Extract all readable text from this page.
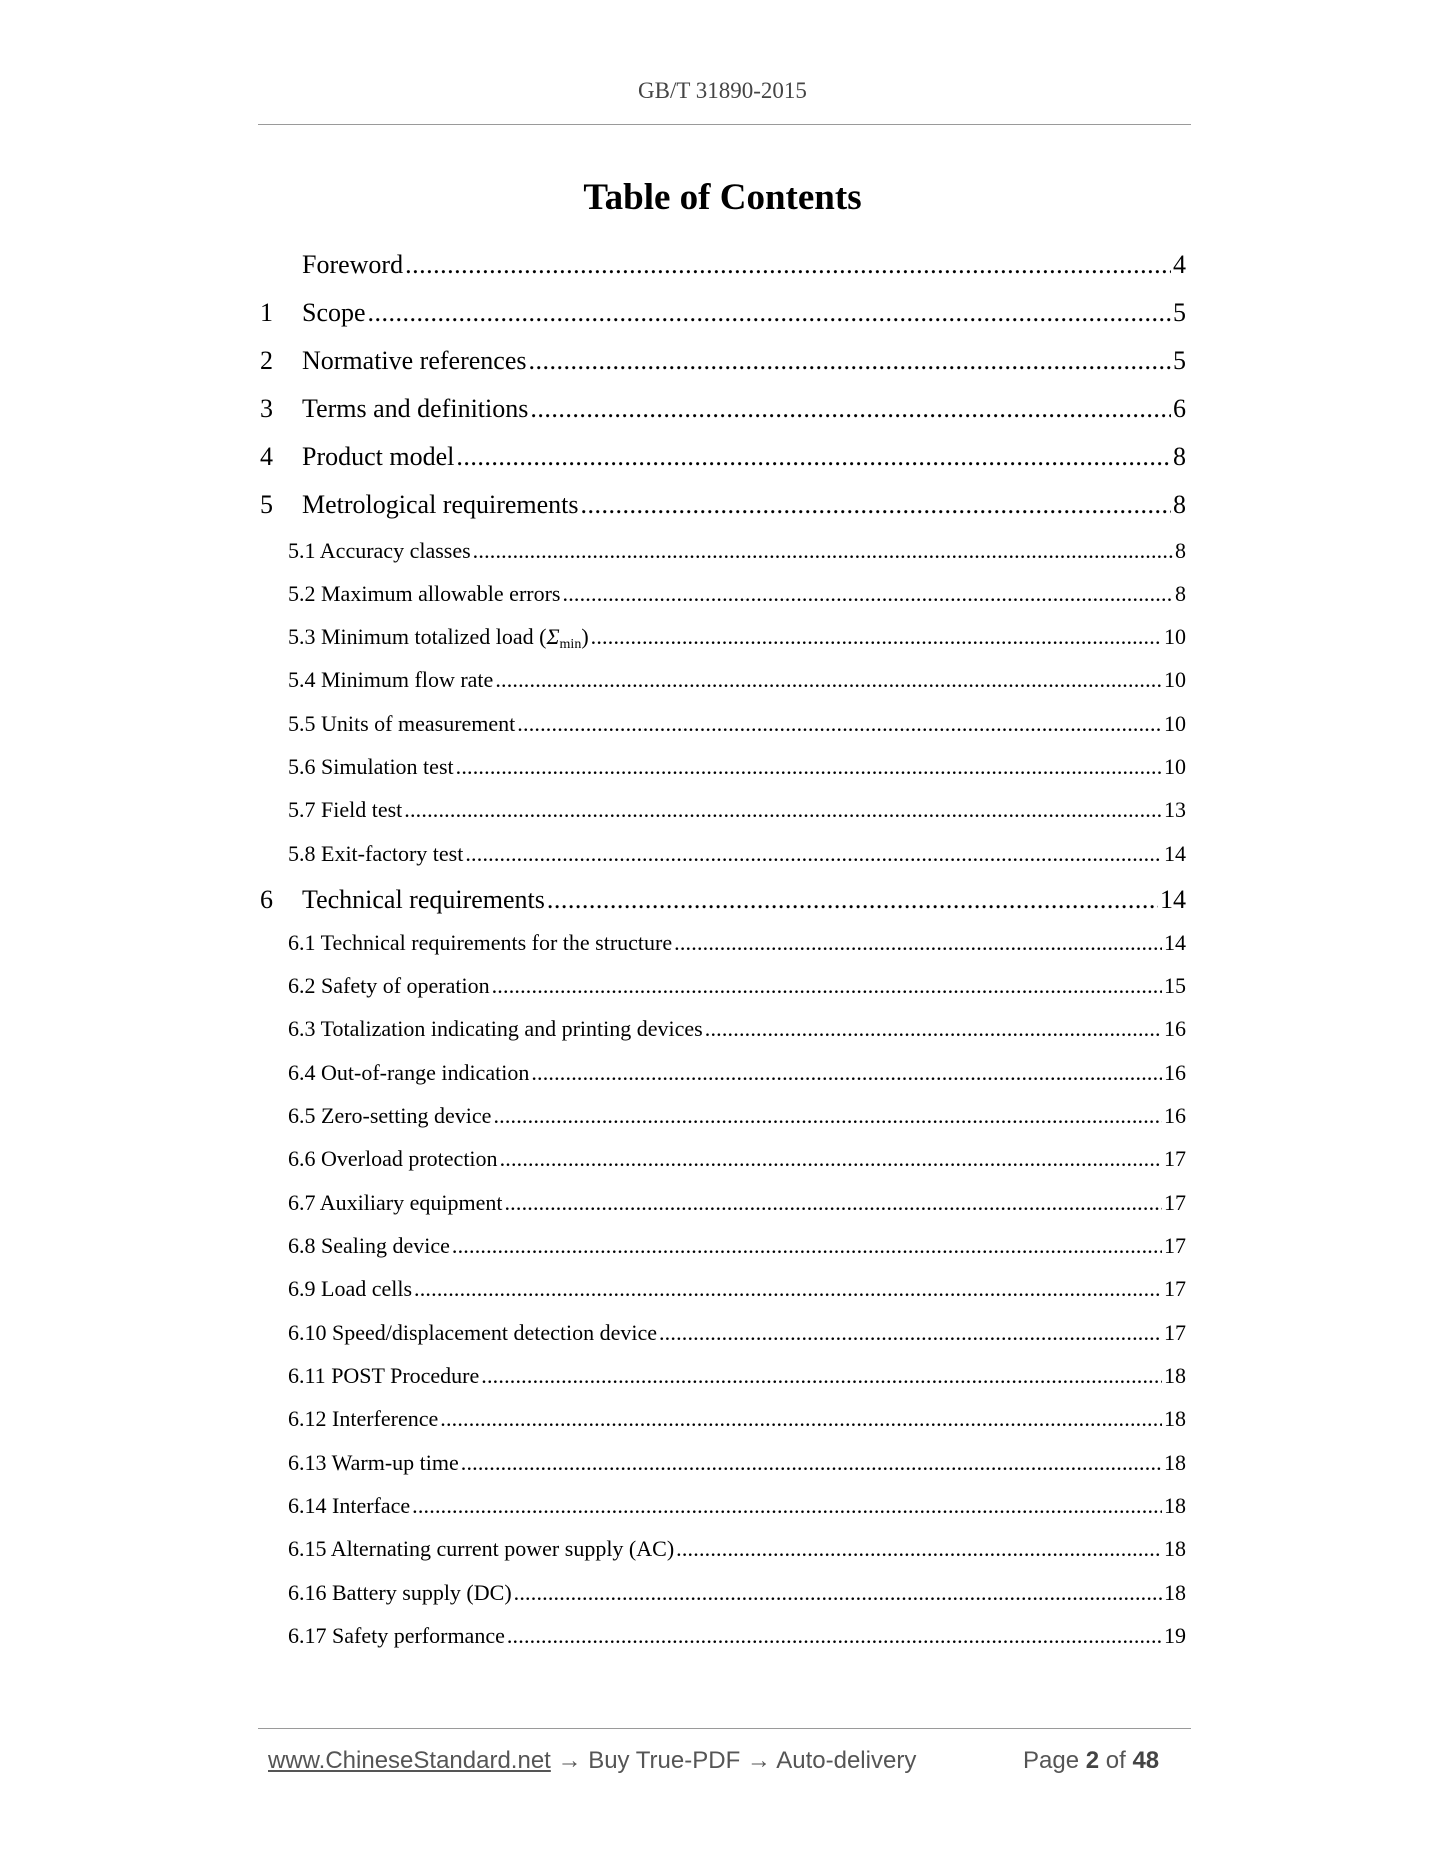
GB/T 31890-2015
Table of Contents
Foreword .....	4
1 Scope .....	5
2 Normative references .....	5
3 Terms and definitions .....	6
4 Product model .....	8
5 Metrological requirements .....	8
5.1 Accuracy classes .....	8
5.2 Maximum allowable errors .....	8
5.3 Minimum totalized load $(\Sigma_{min})$ .....	10
5.4 Minimum flow rate .....	10
5.5 Units of measurement .....	10
5.6 Simulation test .....	10
5.7 Field test .....	13
5.8 Exit-factory test .....	14
6 Technical requirements .....	14
6.1 Technical requirements for the structure .....	14
6.2 Safety of operation .....	15
6.3 Totalization indicating and printing devices .....	16
6.4 Out-of-range indication .....	16
6.5 Zero-setting device .....	16
6.6 Overload protection .....	17
6.7 Auxiliary equipment .....	17
6.8 Sealing device .....	17
6.9 Load cells .....	17
6.10 Speed/displacement detection device .....	17
6.11 POST Procedure .....	18
6.12 Interference .....	18
6.13 Warm-up time .....	18
6.14 Interface .....	18
6.15 Alternating current power supply (AC) .....	18
6.16 Battery supply (DC) .....	18
6.17 Safety performance .....	19
www.ChineseStandard.net → Buy True-PDF → Auto-delivery	Page 2 of 48
